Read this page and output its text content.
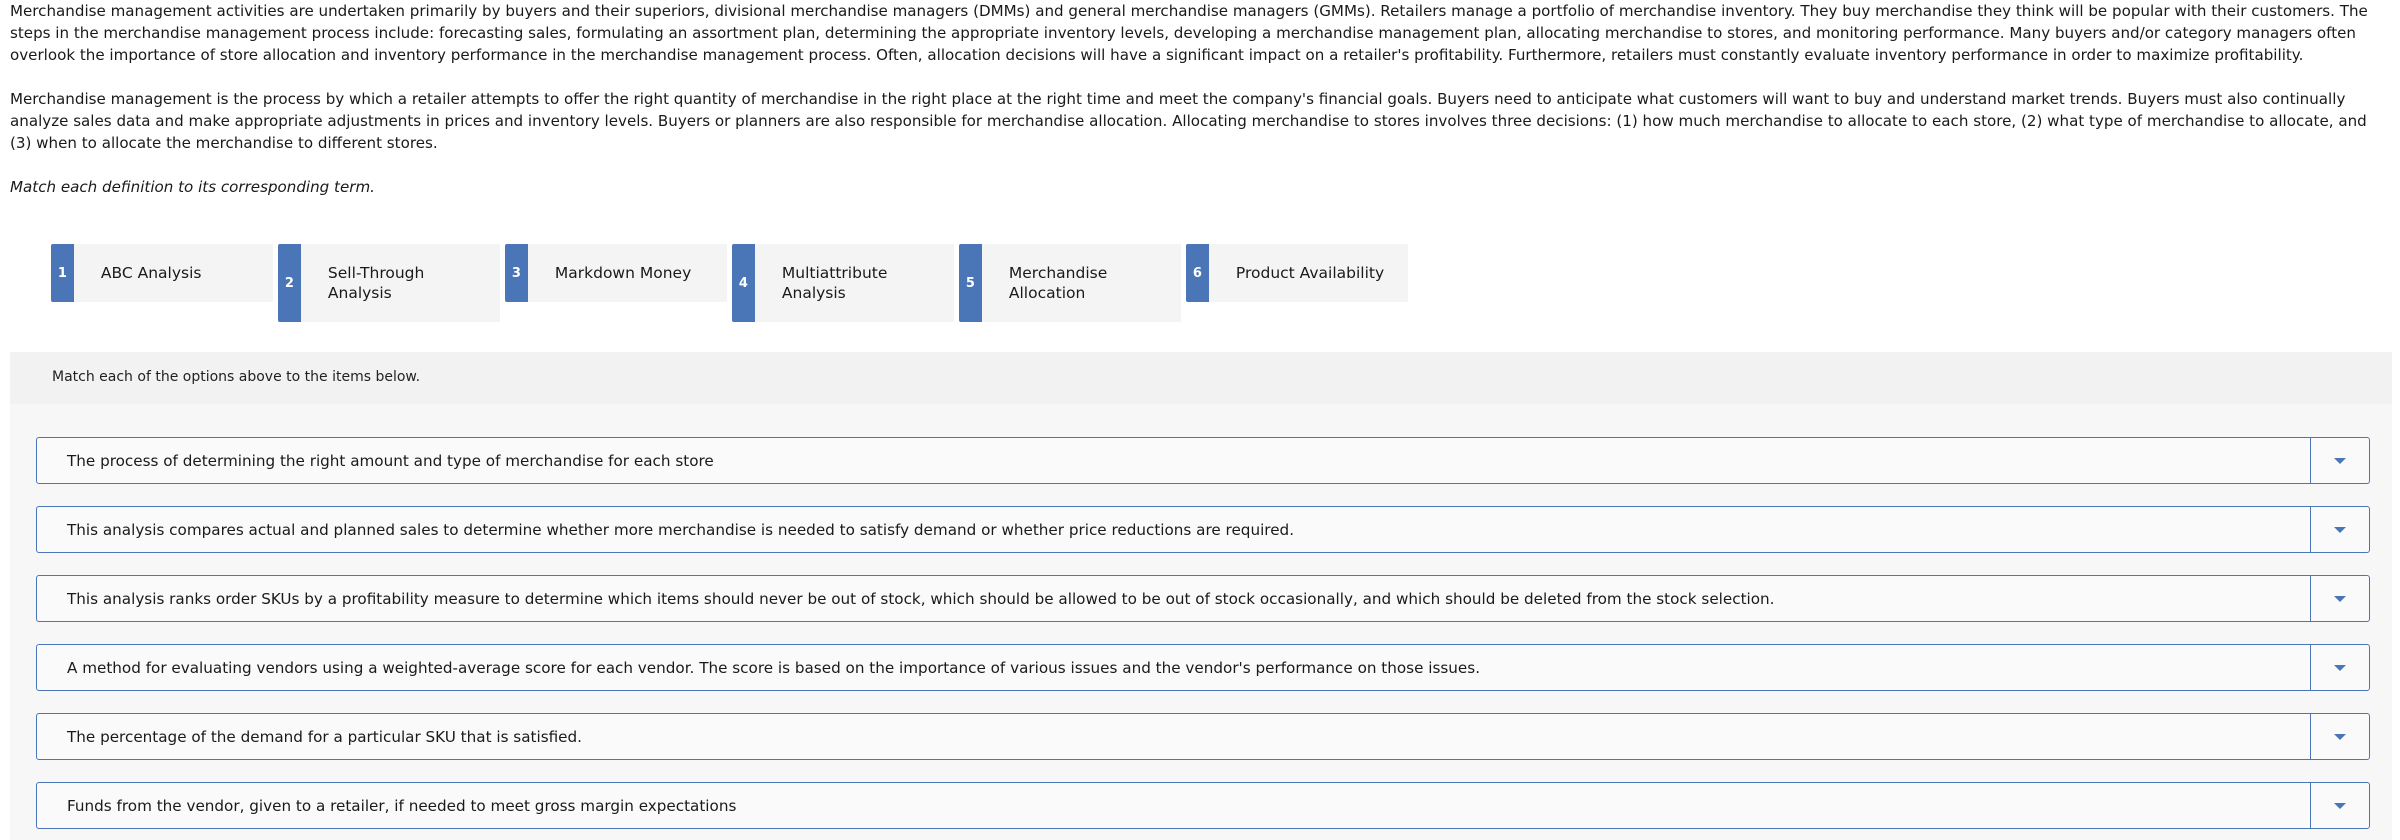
Merchandise management activities are undertaken primarily by buyers and their superiors, divisional merchandise managers (DMMs) and general merchandise managers (GMMs). Retailers manage a portfolio of merchandise inventory. They buy merchandise they think will be popular with their customers. The steps in the merchandise management process include: forecasting sales, formulating an assortment plan, determining the appropriate inventory levels, developing a merchandise management plan, allocating merchandise to stores, and monitoring performance. Many buyers and/or category managers often overlook the importance of store allocation and inventory performance in the merchandise management process. Often, allocation decisions will have a significant impact on a retailer's profitability. Furthermore, retailers must constantly evaluate inventory performance in order to maximize profitability.

Merchandise management is the process by which a retailer attempts to offer the right quantity of merchandise in the right place at the right time and meet the company's financial goals. Buyers need to anticipate what customers will want to buy and understand market trends. Buyers must also continually analyze sales data and make appropriate adjustments in prices and inventory levels. Buyers or planners are also responsible for merchandise allocation. Allocating merchandise to stores involves three decisions: (1) how much merchandise to allocate to each store, (2) what type of merchandise to allocate, and (3) when to allocate the merchandise to different stores.

Match each definition to its corresponding term.

1	ABC Analysis
2
Sell-Through Analysis
3	Markdown Money
4
Multiattribute Analysis
5
Merchandise Allocation
6	Product Availability
Match each of the options above to the items below.
The process of determining the right amount and type of merchandise for each store
This analysis compares actual and planned sales to determine whether more merchandise is needed to satisfy demand or whether price reductions are required.
This analysis ranks order SKUs by a profitability measure to determine which items should never be out of stock, which should be allowed to be out of stock occasionally, and which should be deleted from the stock selection.
A method for evaluating vendors using a weighted-average score for each vendor. The score is based on the importance of various issues and the vendor's performance on those issues.
The percentage of the demand for a particular SKU that is satisfied.
Funds from the vendor, given to a retailer, if needed to meet gross margin expectations
